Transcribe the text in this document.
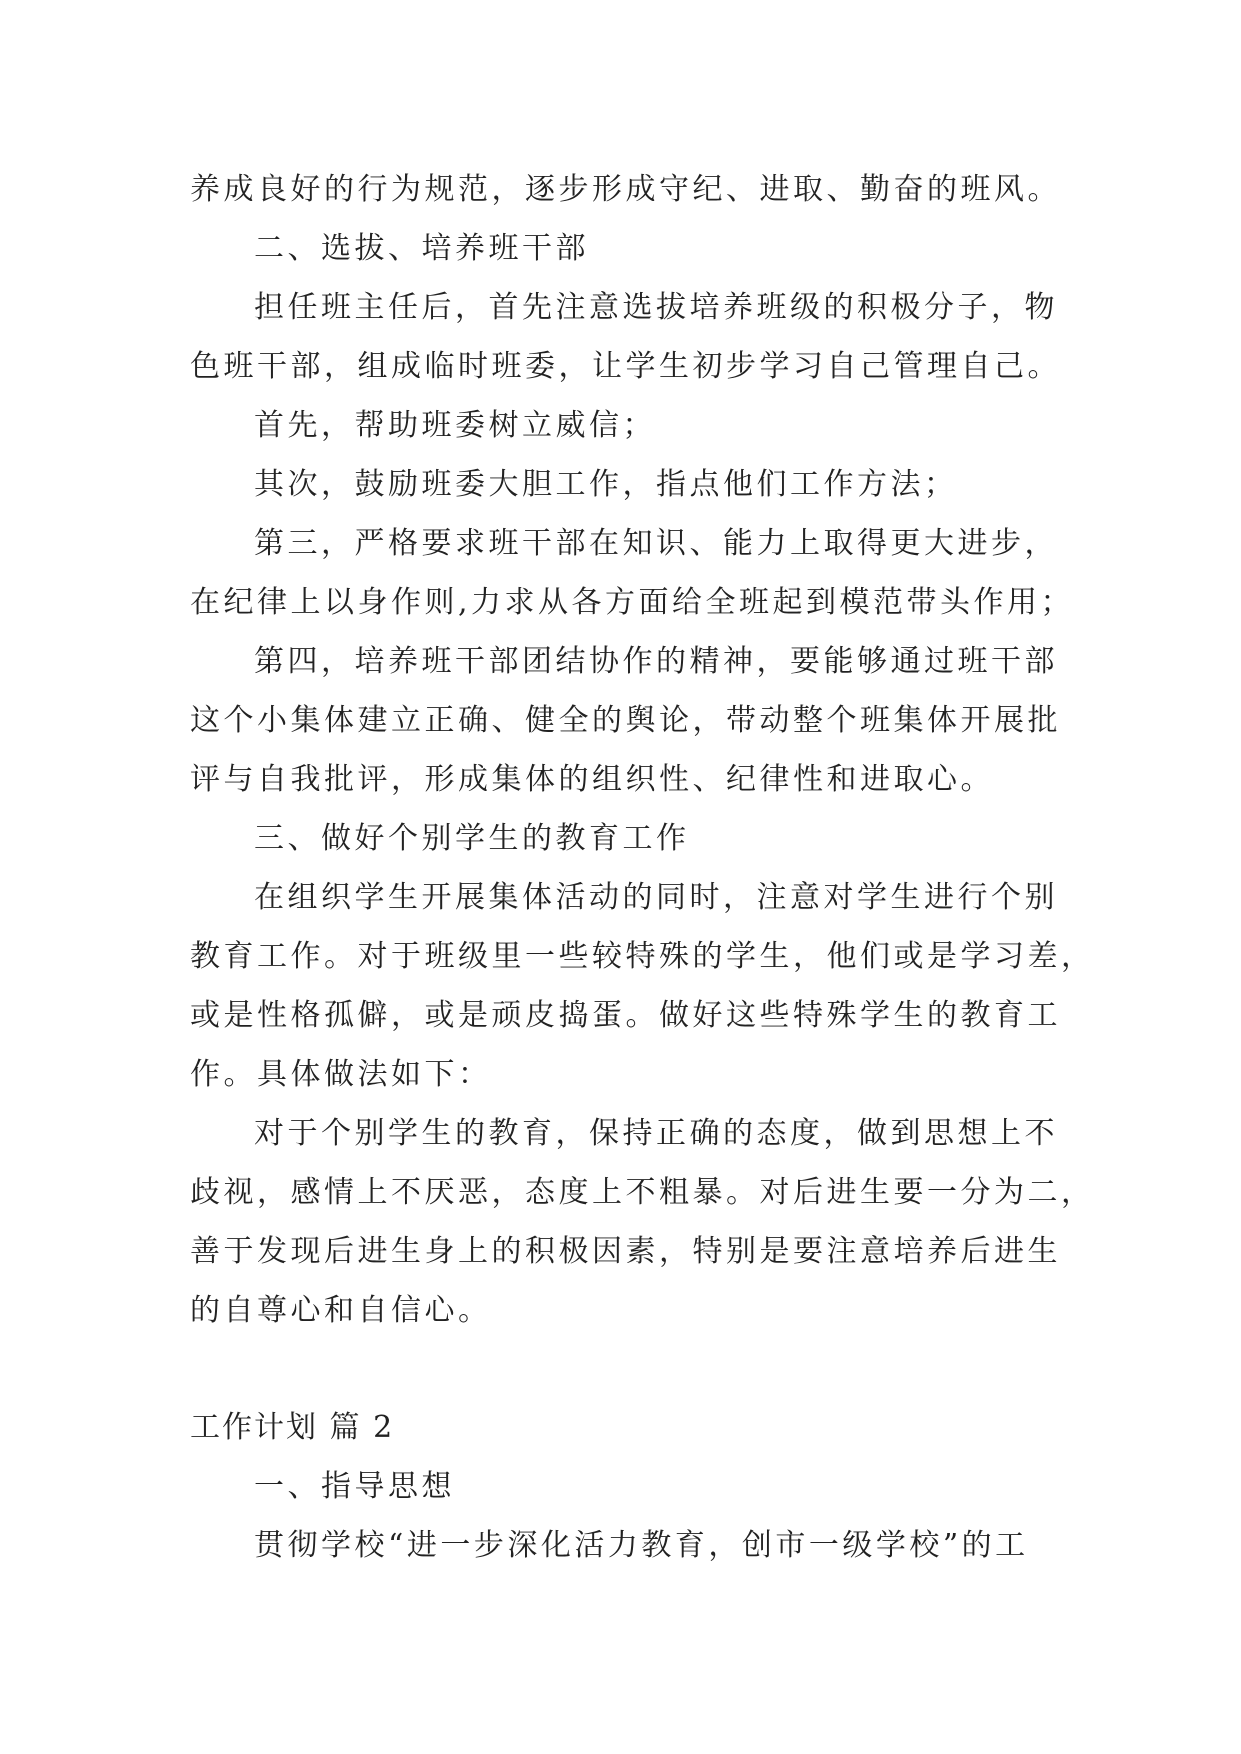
养成良好的行为规范，逐步形成守纪、进取、勤奋的班风。
二、选拔、培养班干部
担任班主任后，首先注意选拔培养班级的积极分子，物
色班干部，组成临时班委，让学生初步学习自己管理自己。
首先，帮助班委树立威信；
其次，鼓励班委大胆工作，指点他们工作方法；
第三，严格要求班干部在知识、能力上取得更大进步，
在纪律上以身作则,力求从各方面给全班起到模范带头作用；
第四，培养班干部团结协作的精神，要能够通过班干部
这个小集体建立正确、健全的舆论，带动整个班集体开展批
评与自我批评，形成集体的组织性、纪律性和进取心。
三、做好个别学生的教育工作
在组织学生开展集体活动的同时，注意对学生进行个别
教育工作。对于班级里一些较特殊的学生，他们或是学习差，
或是性格孤僻，或是顽皮捣蛋。做好这些特殊学生的教育工
作。具体做法如下：
对于个别学生的教育，保持正确的态度，做到思想上不
歧视，感情上不厌恶，态度上不粗暴。对后进生要一分为二，
善于发现后进生身上的积极因素，特别是要注意培养后进生
的自尊心和自信心。
工作计划 篇 2
一、指导思想
贯彻学校“进一步深化活力教育，创市一级学校”的工
